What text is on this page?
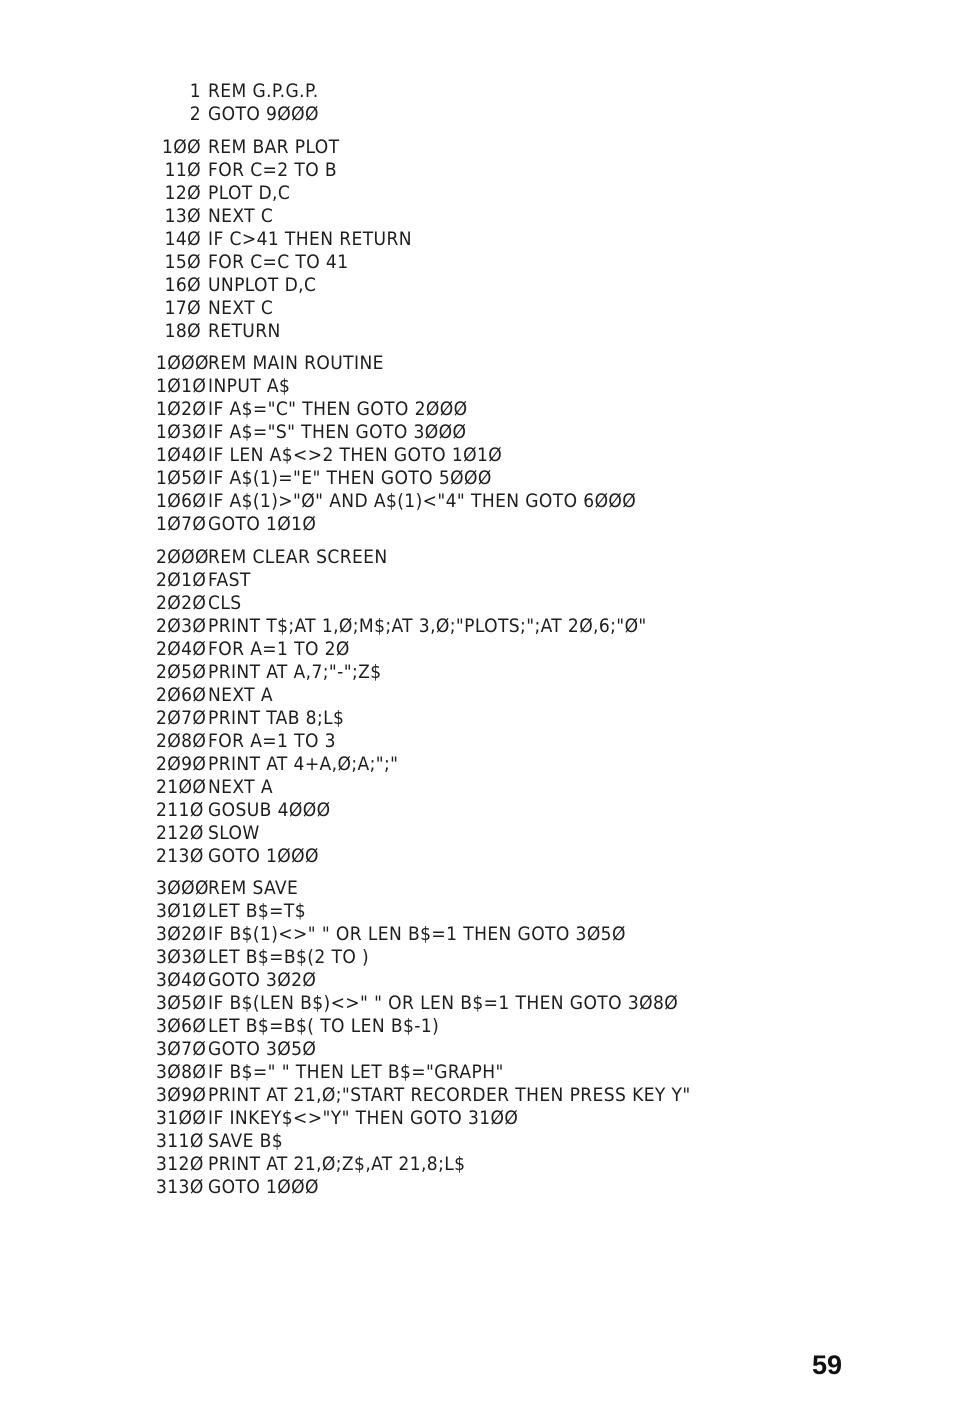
1 REM G.P.G.P.
2 GOTO 9ØØØ
1ØØ REM BAR PLOT
11Ø FOR C=2 TO B
12Ø PLOT D,C
13Ø NEXT C
14Ø IF C>41 THEN RETURN
15Ø FOR C=C TO 41
16Ø UNPLOT D,C
17Ø NEXT C
18Ø RETURN
1ØØØREM MAIN ROUTINE
1Ø1ØINPUT A$
1Ø2ØIF A$="C" THEN GOTO 2ØØØ
1Ø3ØIF A$="S" THEN GOTO 3ØØØ
1Ø4ØIF LEN A$<>2 THEN GOTO 1Ø1Ø
1Ø5ØIF A$(1)="E" THEN GOTO 5ØØØ
1Ø6ØIF A$(1)>"Ø" AND A$(1)<"4" THEN GOTO 6ØØØ
1Ø7ØGOTO 1Ø1Ø
2ØØØREM CLEAR SCREEN
2Ø1ØFAST
2Ø2ØCLS
2Ø3ØPRINT T$;AT 1,Ø;M$;AT 3,Ø;"PLOTS;";AT 2Ø,6;"Ø"
2Ø4ØFOR A=1 TO 2Ø
2Ø5ØPRINT AT A,7;"-";Z$
2Ø6ØNEXT A
2Ø7ØPRINT TAB 8;L$
2Ø8ØFOR A=1 TO 3
2Ø9ØPRINT AT 4+A,Ø;A;";"
21ØØNEXT A
211Ø GOSUB 4ØØØ
212Ø SLOW
213Ø GOTO 1ØØØ
3ØØØREM SAVE
3Ø1ØLET B$=T$
3Ø2ØIF B$(1)<>" " OR LEN B$=1 THEN GOTO 3Ø5Ø
3Ø3ØLET B$=B$(2 TO )
3Ø4ØGOTO 3Ø2Ø
3Ø5ØIF B$(LEN B$)<>" " OR LEN B$=1 THEN GOTO 3Ø8Ø
3Ø6ØLET B$=B$( TO LEN B$-1)
3Ø7ØGOTO 3Ø5Ø
3Ø8ØIF B$=" " THEN LET B$="GRAPH"
3Ø9ØPRINT AT 21,Ø;"START RECORDER THEN PRESS KEY Y"
31ØØIF INKEY$<>"Y" THEN GOTO 31ØØ
311Ø SAVE B$
312Ø PRINT AT 21,Ø;Z$,AT 21,8;L$
313Ø GOTO 1ØØØ
59
